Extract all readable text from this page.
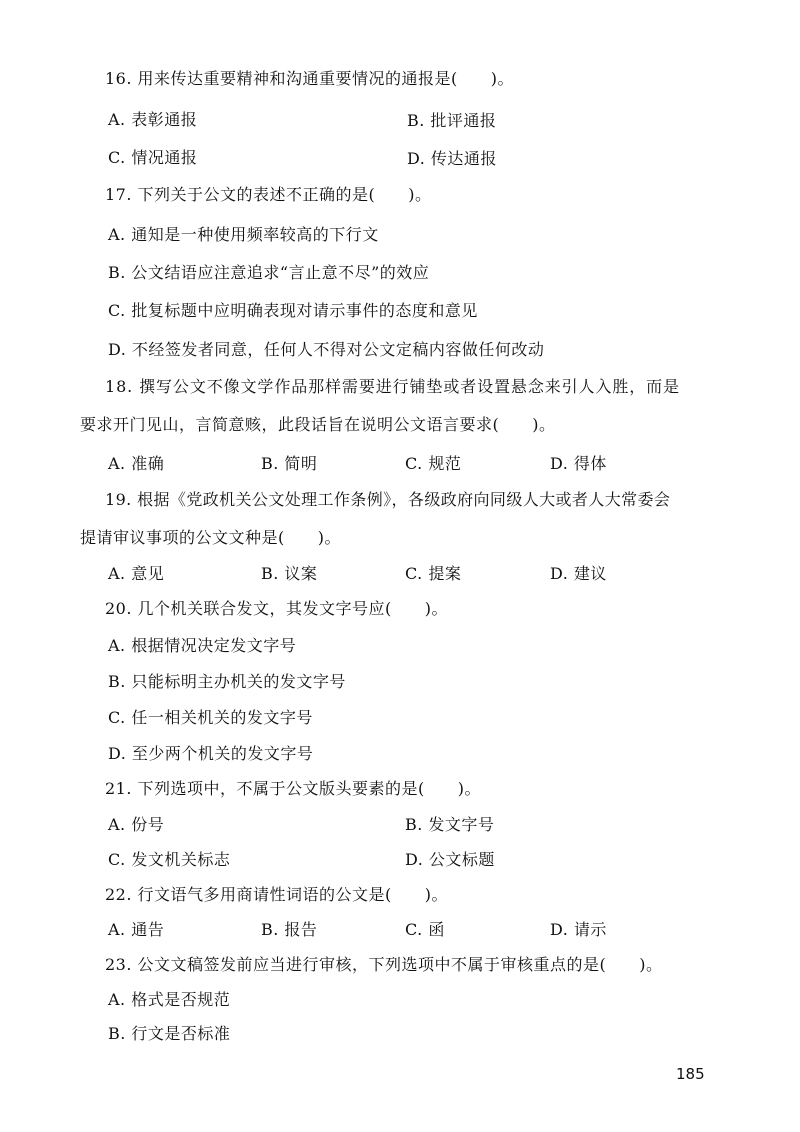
16. 用来传达重要精神和沟通重要情况的通报是(　　)。
A. 表彰通报	B. 批评通报
C. 情况通报	D. 传达通报
17. 下列关于公文的表述不正确的是(　　)。
A. 通知是一种使用频率较高的下行文
B. 公文结语应注意追求“言止意不尽”的效应
C. 批复标题中应明确表现对请示事件的态度和意见
D. 不经签发者同意，任何人不得对公文定稿内容做任何改动
18. 撰写公文不像文学作品那样需要进行铺垫或者设置悬念来引人入胜，而是
要求开门见山，言简意赅，此段话旨在说明公文语言要求(　　)。
A. 准确	B. 简明	C. 规范	D. 得体
19. 根据《党政机关公文处理工作条例》，各级政府向同级人大或者人大常委会
提请审议事项的公文文种是(　　)。
A. 意见	B. 议案	C. 提案	D. 建议
20. 几个机关联合发文，其发文字号应(　　)。
A. 根据情况决定发文字号
B. 只能标明主办机关的发文字号
C. 任一相关机关的发文字号
D. 至少两个机关的发文字号
21. 下列选项中，不属于公文版头要素的是(　　)。
A. 份号	B. 发文字号
C. 发文机关标志	D. 公文标题
22. 行文语气多用商请性词语的公文是(　　)。
A. 通告	B. 报告	C. 函	D. 请示
23. 公文文稿签发前应当进行审核，下列选项中不属于审核重点的是(　　)。
A. 格式是否规范
B. 行文是否标准
185
